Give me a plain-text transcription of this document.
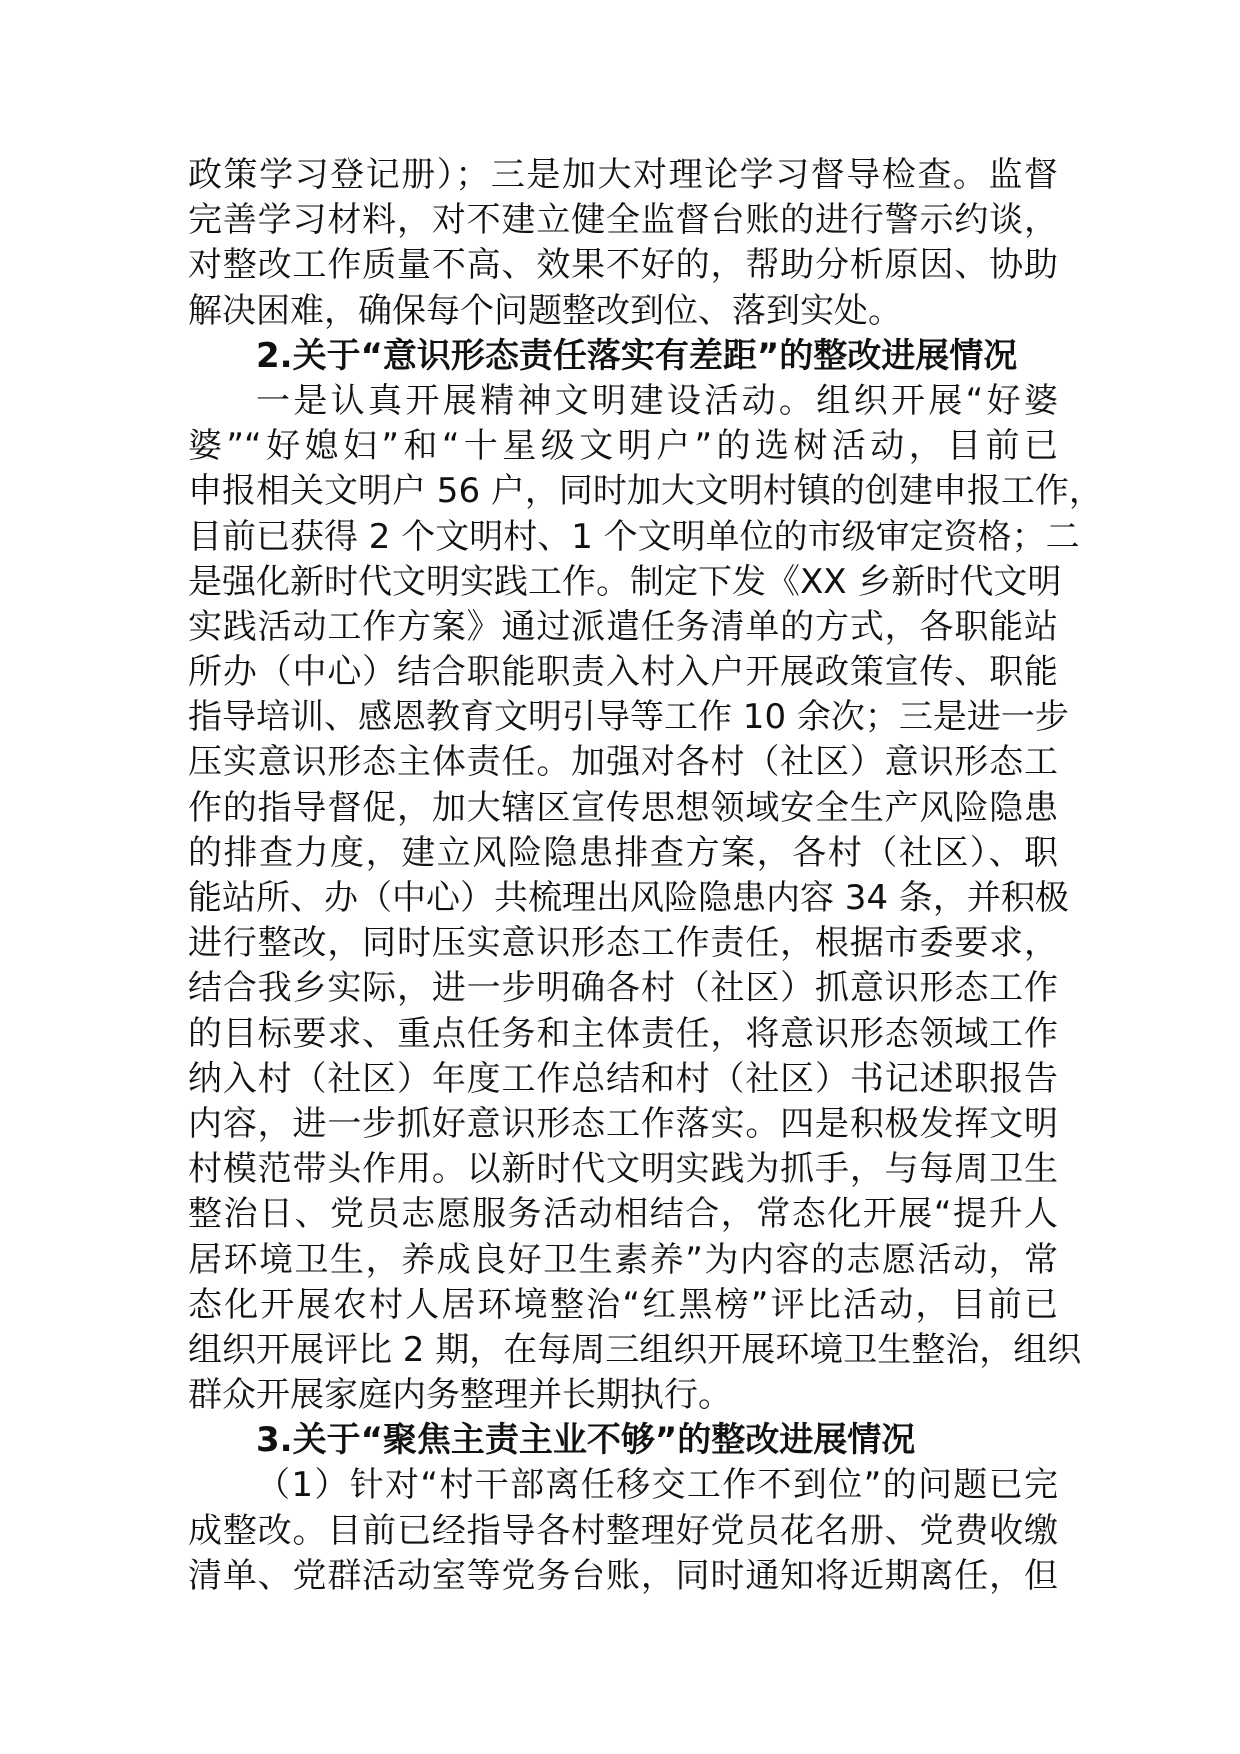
政策学习登记册）；三是加大对理论学习督导检查。监督
完善学习材料，对不建立健全监督台账的进行警示约谈，
对整改工作质量不高、效果不好的，帮助分析原因、协助
解决困难，确保每个问题整改到位、落到实处。
2.关于“意识形态责任落实有差距”的整改进展情况
一是认真开展精神文明建设活动。组织开展“好婆
婆”“好媳妇”和“十星级文明户”的选树活动，目前已
申报相关文明户 56 户，同时加大文明村镇的创建申报工作，
目前已获得 2 个文明村、1 个文明单位的市级审定资格；二
是强化新时代文明实践工作。制定下发《XX 乡新时代文明
实践活动工作方案》通过派遣任务清单的方式，各职能站
所办（中心）结合职能职责入村入户开展政策宣传、职能
指导培训、感恩教育文明引导等工作 10 余次；三是进一步
压实意识形态主体责任。加强对各村（社区）意识形态工
作的指导督促，加大辖区宣传思想领域安全生产风险隐患
的排查力度，建立风险隐患排查方案，各村（社区）、职
能站所、办（中心）共梳理出风险隐患内容 34 条，并积极
进行整改，同时压实意识形态工作责任，根据市委要求，
结合我乡实际，进一步明确各村（社区）抓意识形态工作
的目标要求、重点任务和主体责任，将意识形态领域工作
纳入村（社区）年度工作总结和村（社区）书记述职报告
内容，进一步抓好意识形态工作落实。四是积极发挥文明
村模范带头作用。以新时代文明实践为抓手，与每周卫生
整治日、党员志愿服务活动相结合，常态化开展“提升人
居环境卫生，养成良好卫生素养”为内容的志愿活动，常
态化开展农村人居环境整治“红黑榜”评比活动，目前已
组织开展评比 2 期，在每周三组织开展环境卫生整治，组织
群众开展家庭内务整理并长期执行。
3.关于“聚焦主责主业不够”的整改进展情况
（1）针对“村干部离任移交工作不到位”的问题已完
成整改。目前已经指导各村整理好党员花名册、党费收缴
清单、党群活动室等党务台账，同时通知将近期离任，但
